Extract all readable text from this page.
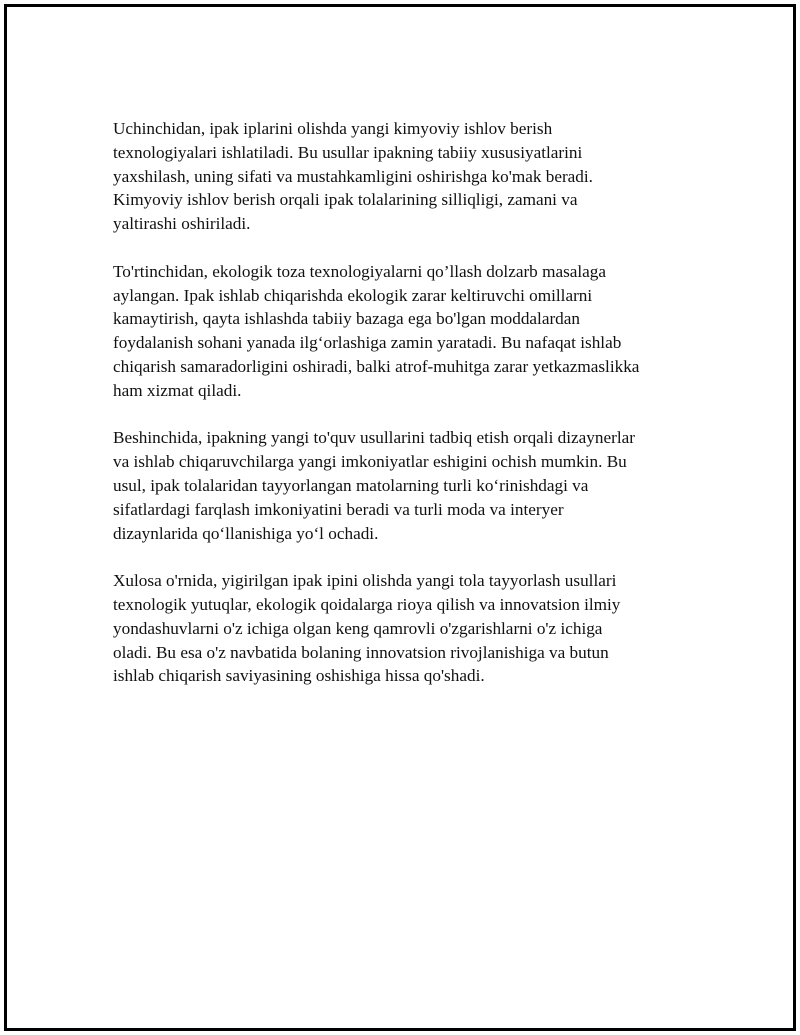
Uchinchidan, ipak iplarini olishda yangi kimyoviy ishlov berish
texnologiyalari ishlatiladi. Bu usullar ipakning tabiiy xususiyatlarini
yaxshilash, uning sifati va mustahkamligini oshirishga ko'mak beradi.
Kimyoviy ishlov berish orqali ipak tolalarining silliqligi, zamani va
yaltirashi oshiriladi.

To'rtinchidan, ekologik toza texnologiyalarni qo’llash dolzarb masalaga
aylangan. Ipak ishlab chiqarishda ekologik zarar keltiruvchi omillarni
kamaytirish, qayta ishlashda tabiiy bazaga ega bo'lgan moddalardan
foydalanish sohani yanada ilg‘orlashiga zamin yaratadi. Bu nafaqat ishlab
chiqarish samaradorligini oshiradi, balki atrof-muhitga zarar yetkazmaslikka
ham xizmat qiladi.

Beshinchida, ipakning yangi to'quv usullarini tadbiq etish orqali dizaynerlar
va ishlab chiqaruvchilarga yangi imkoniyatlar eshigini ochish mumkin. Bu
usul, ipak tolalaridan tayyorlangan matolarning turli ko‘rinishdagi va
sifatlardagi farqlash imkoniyatini beradi va turli moda va interyer
dizaynlarida qo‘llanishiga yo‘l ochadi.

Xulosa o'rnida, yigirilgan ipak ipini olishda yangi tola tayyorlash usullari
texnologik yutuqlar, ekologik qoidalarga rioya qilish va innovatsion ilmiy
yondashuvlarni o'z ichiga olgan keng qamrovli o'zgarishlarni o'z ichiga
oladi. Bu esa o'z navbatida bolaning innovatsion rivojlanishiga va butun
ishlab chiqarish saviyasining oshishiga hissa qo'shadi.
